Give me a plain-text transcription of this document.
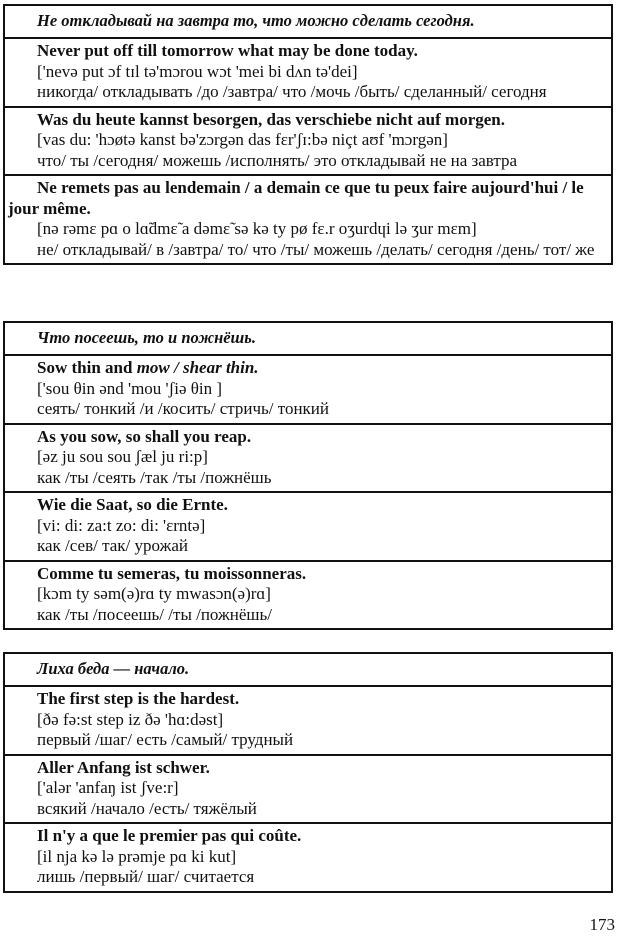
Не откладывай на завтра то, что можно сделать сегодня.
Never put off till tomorrow what may be done today.
['nevə put ɔf tɪl tə'mɔrou wɔt 'mei bi dʌn tə'dei]
никогда/ откладывать /до /завтра/ что /мочь /быть/ сделанный/ сегодня
Was du heute kannst besorgen, das verschiebe nicht auf morgen.
[vas du: 'hɔøtə kanst bə'zɔrgən das fɛr'ʃɪ:bə niçt aʊf 'mɔrgən]
что/ ты /сегодня/ можешь /исполнять/ это откладывай не на завтра
Ne remets pas au lendemain / a demain ce que tu peux faire aujourd'hui / le jour même.
[nə rəmɛ pɑ o lɑ̃dmɛ̃ a dəmɛ̃ sə kə ty pø fɛ.r oʒurdɥi lə ʒur mɛm]
не/ откладывай/ в /завтра/ то/ что /ты/ можешь /делать/ сегодня /день/ тот/ же
Что посеешь, то и пожнёшь.
Sow thin and mow / shear thin.
['sou θin ənd 'mou 'ʃiə θin ]
сеять/ тонкий /и /косить/ стричь/ тонкий
As you sow, so shall you reap.
[əz ju sou sou ʃæl ju ri:p]
как /ты /сеять /так /ты /пожнёшь
Wie die Saat, so die Ernte.
[vi: di: za:t zo: di: 'ɛrntə]
как /сев/ так/ урожай
Comme tu semeras, tu moissonneras.
[kɔm ty səm(ə)rɑ ty mwasɔn(ə)rɑ]
как /ты /посеешь/ /ты /пожнёшь/
Лиха беда — начало.
The first step is the hardest.
[ðə fə:st step iz ðə 'hɑ:dəst]
первый /шаг/ есть /самый/ трудный
Aller Anfang ist schwer.
['alər 'anfaŋ ist ʃve:r]
всякий /начало /есть/ тяжёлый
Il n'y a que le premier pas qui coûte.
[il nja kə lə prəmje pɑ ki kut]
лишь /первый/ шаг/ считается
173
